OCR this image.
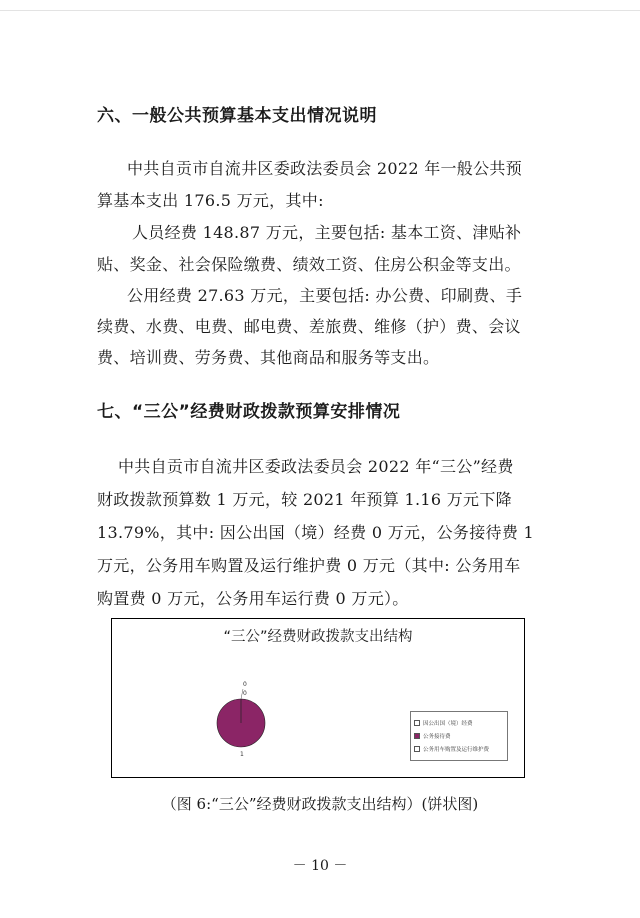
六、一般公共预算基本支出情况说明
中共自贡市自流井区委政法委员会 2022 年一般公共预
算基本支出 176.5 万元，其中:
人员经费 148.87 万元，主要包括: 基本工资、津贴补
贴、奖金、社会保险缴费、绩效工资、住房公积金等支出。
公用经费 27.63 万元，主要包括: 办公费、印刷费、手
续费、水费、电费、邮电费、差旅费、维修（护）费、会议
费、培训费、劳务费、其他商品和服务等支出。
七、“三公”经费财政拨款预算安排情况
中共自贡市自流井区委政法委员会 2022 年“三公”经费
财政拨款预算数 1 万元，较 2021 年预算 1.16 万元下降
13.79%，其中: 因公出国（境）经费 0 万元，公务接待费 1
万元，公务用车购置及运行维护费 0 万元（其中: 公务用车
购置费 0 万元，公务用车运行费 0 万元）。
“三公”经费财政拨款支出结构
0
1
0
因公出国（境）经费
公务接待费
公务用车购置及运行维护费
（图 6:“三公”经费财政拨款支出结构）(饼状图)
－ 10 －
